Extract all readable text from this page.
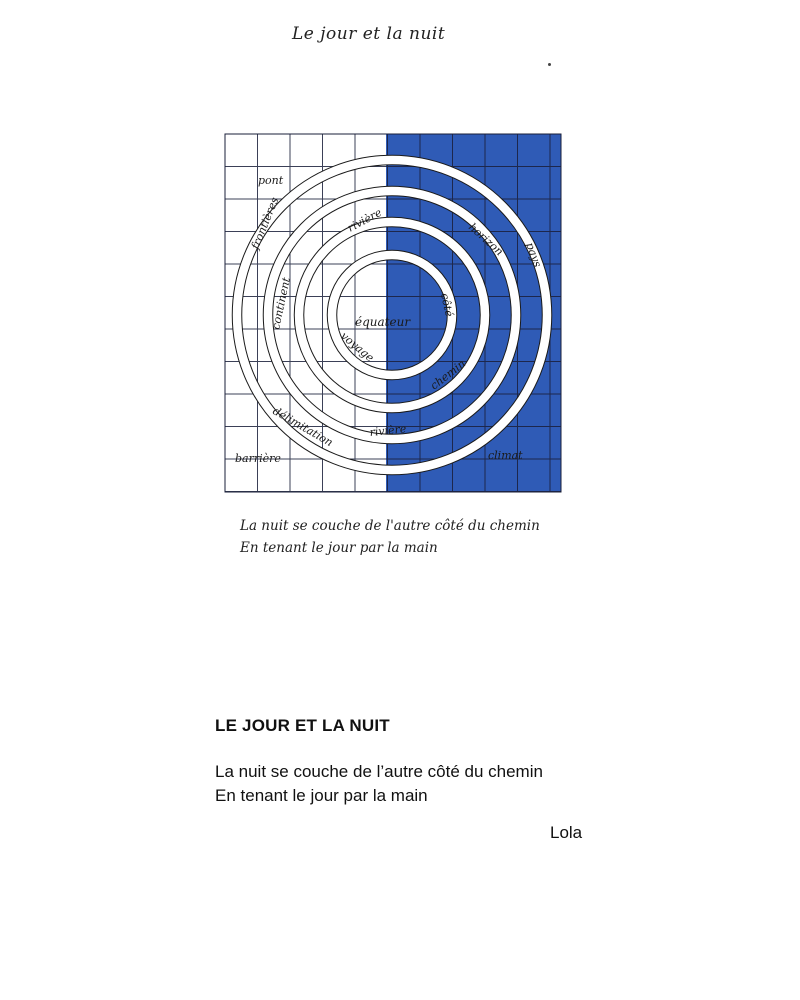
Le jour et la nuit
pont
frontières
continent
voyage
équateur
rivière
horizon pays
côté
chemin
rivière
délimitation
barrière	climat
La nuit se couche de l'autre côté du chemin
En tenant le jour par la main
LE JOUR ET LA NUIT
La nuit se couche de l’autre côté du chemin
En tenant le jour par la main
Lola
